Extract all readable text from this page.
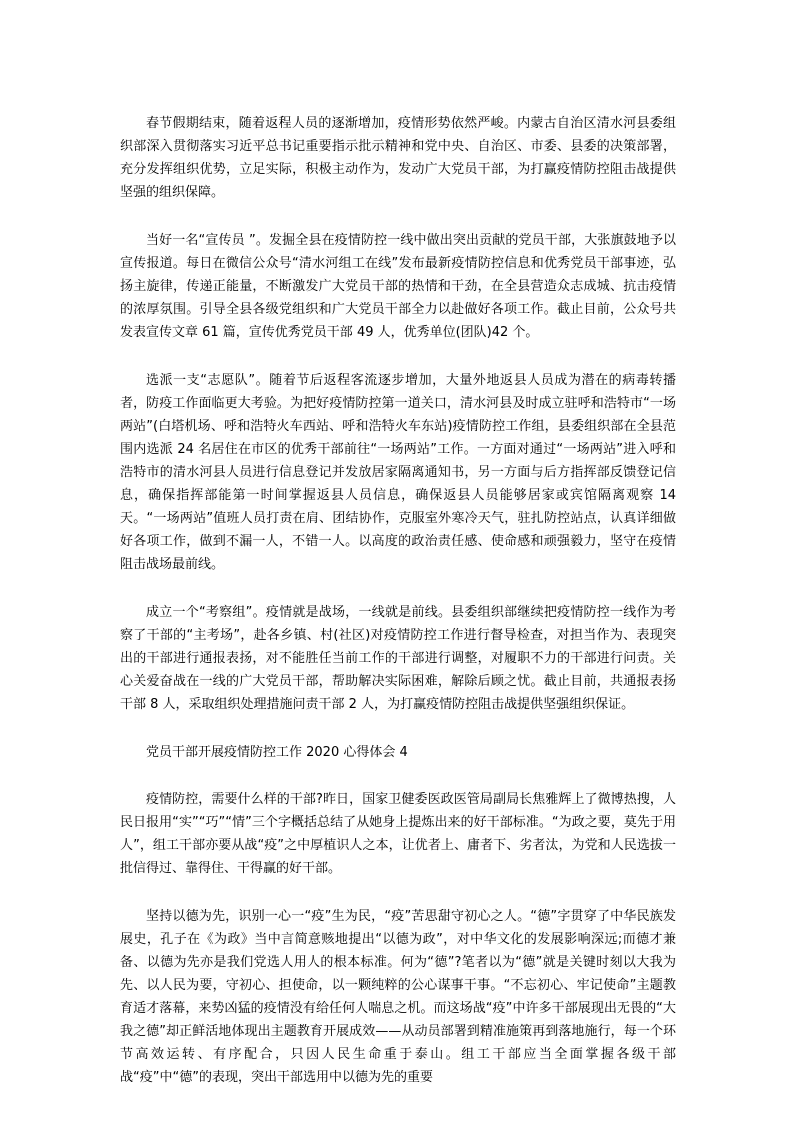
春节假期结束，随着返程人员的逐渐增加，疫情形势依然严峻。内蒙古自治区清水河县委组织部深入贯彻落实习近平总书记重要指示批示精神和党中央、自治区、市委、县委的决策部署，充分发挥组织优势，立足实际，积极主动作为，发动广大党员干部，为打赢疫情防控阻击战提供坚强的组织保障。

当好一名“宣传员 ”。发掘全县在疫情防控一线中做出突出贡献的党员干部，大张旗鼓地予以宣传报道。每日在微信公众号“清水河组工在线”发布最新疫情防控信息和优秀党员干部事迹，弘扬主旋律，传递正能量，不断激发广大党员干部的热情和干劲，在全县营造众志成城、抗击疫情的浓厚氛围。引导全县各级党组织和广大党员干部全力以赴做好各项工作。截止目前，公众号共发表宣传文章 61 篇，宣传优秀党员干部 49 人，优秀单位(团队)42 个。

选派一支“志愿队”。随着节后返程客流逐步增加，大量外地返县人员成为潜在的病毒转播者，防疫工作面临更大考验。为把好疫情防控第一道关口，清水河县及时成立驻呼和浩特市“一场两站”(白塔机场、呼和浩特火车西站、呼和浩特火车东站)疫情防控工作组，县委组织部在全县范围内选派 24 名居住在市区的优秀干部前往“一场两站”工作。一方面对通过“一场两站”进入呼和浩特市的清水河县人员进行信息登记并发放居家隔离通知书，另一方面与后方指挥部反馈登记信息，确保指挥部能第一时间掌握返县人员信息，确保返县人员能够居家或宾馆隔离观察 14 天。“一场两站”值班人员打责在肩、团结协作，克服室外寒冷天气，驻扎防控站点，认真详细做好各项工作，做到不漏一人，不错一人。以高度的政治责任感、使命感和顽强毅力，坚守在疫情阻击战场最前线。

成立一个“考察组”。疫情就是战场，一线就是前线。县委组织部继续把疫情防控一线作为考察了干部的“主考场”，赴各乡镇、村(社区)对疫情防控工作进行督导检查，对担当作为、表现突出的干部进行通报表扬，对不能胜任当前工作的干部进行调整，对履职不力的干部进行问责。关心关爱奋战在一线的广大党员干部，帮助解决实际困难，解除后顾之忧。截止目前，共通报表扬干部 8 人，采取组织处理措施问责干部 2 人，为打赢疫情防控阻击战提供坚强组织保证。

党员干部开展疫情防控工作 2020 心得体会 4

疫情防控，需要什么样的干部?昨日，国家卫健委医政医管局副局长焦雅辉上了微博热搜，人民日报用“实”“巧”“情”三个字概括总结了从她身上提炼出来的好干部标准。“为政之要，莫先于用人”，组工干部亦要从战“疫”之中厚植识人之本，让优者上、庸者下、劣者汰，为党和人民选拔一批信得过、靠得住、干得赢的好干部。

坚持以德为先，识别一心一“疫”生为民，“疫”苦思甜守初心之人。“德”字贯穿了中华民族发展史，孔子在《为政》当中言简意赅地提出“以德为政”，对中华文化的发展影响深远;而德才兼备、以德为先亦是我们党选人用人的根本标准。何为“德”?笔者以为“德”就是关键时刻以大我为先、以人民为要，守初心、担使命，以一颗纯粹的公心谋事干事。“不忘初心、牢记使命”主题教育适才落幕，来势凶猛的疫情没有给任何人喘息之机。而这场战“疫”中许多干部展现出无畏的“大我之德”却正鲜活地体现出主题教育开展成效——从动员部署到精准施策再到落地施行，每一个环节高效运转、有序配合，只因人民生命重于泰山。组工干部应当全面掌握各级干部战“疫”中“德”的表现，突出干部选用中以德为先的重要
